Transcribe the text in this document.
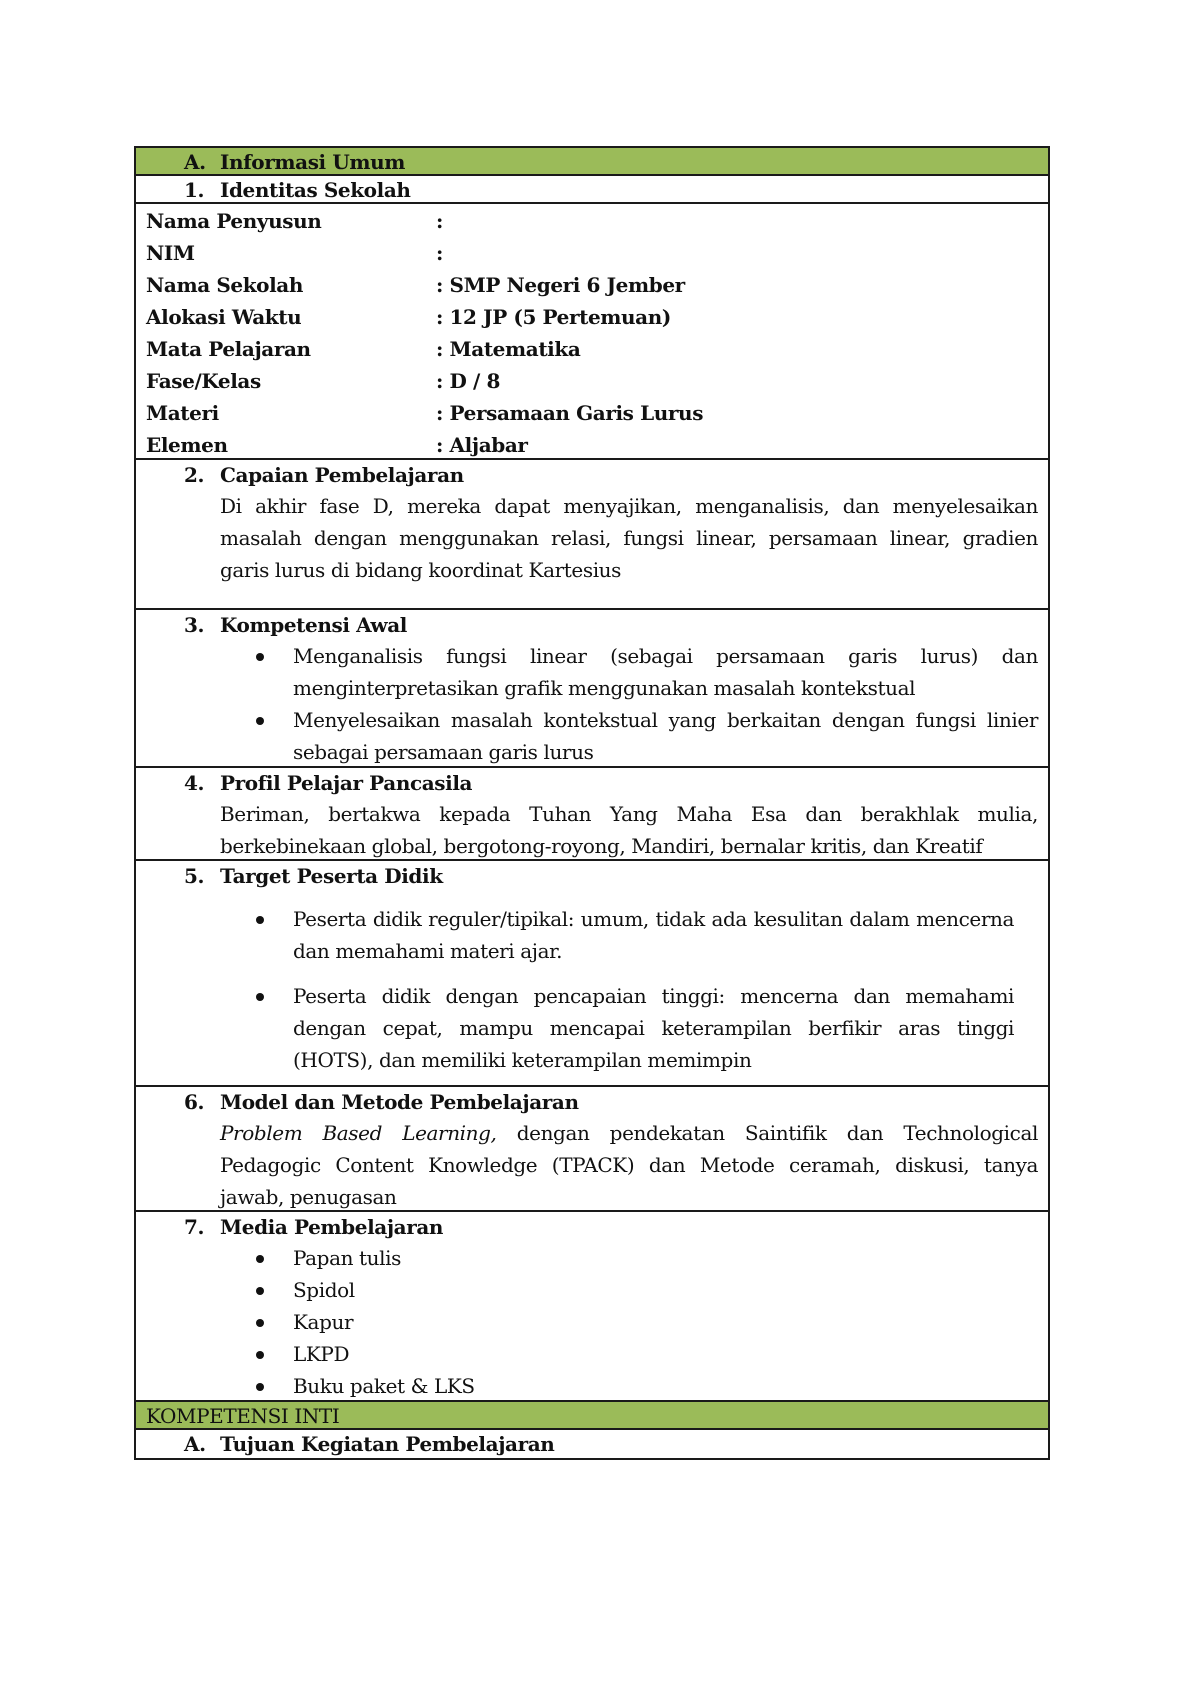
A. Informasi Umum
1. Identitas Sekolah
Nama Penyusun	:
NIM	:
Nama Sekolah	: SMP Negeri 6 Jember
Alokasi Waktu	: 12 JP (5 Pertemuan)
Mata Pelajaran	: Matematika
Fase/Kelas	: D / 8
Materi	: Persamaan Garis Lurus
Elemen	: Aljabar
2. Capaian Pembelajaran
Di akhir fase D, mereka dapat menyajikan, menganalisis, dan menyelesaikan masalah dengan menggunakan relasi, fungsi linear, persamaan linear, gradien garis lurus di bidang koordinat Kartesius
3. Kompetensi Awal
Menganalisis fungsi linear (sebagai persamaan garis lurus) dan menginterpretasikan grafik menggunakan masalah kontekstual
Menyelesaikan masalah kontekstual yang berkaitan dengan fungsi linier sebagai persamaan garis lurus
4. Profil Pelajar Pancasila
Beriman, bertakwa kepada Tuhan Yang Maha Esa dan berakhlak mulia, berkebinekaan global, bergotong-royong, Mandiri, bernalar kritis, dan Kreatif
5. Target Peserta Didik
Peserta didik reguler/tipikal: umum, tidak ada kesulitan dalam mencerna dan memahami materi ajar.
Peserta didik dengan pencapaian tinggi: mencerna dan memahami dengan cepat, mampu mencapai keterampilan berfikir aras tinggi (HOTS), dan memiliki keterampilan memimpin
6. Model dan Metode Pembelajaran
Problem Based Learning, dengan pendekatan Saintifik dan Technological Pedagogic Content Knowledge (TPACK) dan Metode ceramah, diskusi, tanya jawab, penugasan
7. Media Pembelajaran
Papan tulis
Spidol
Kapur
LKPD
Buku paket & LKS
KOMPETENSI INTI
A. Tujuan Kegiatan Pembelajaran
